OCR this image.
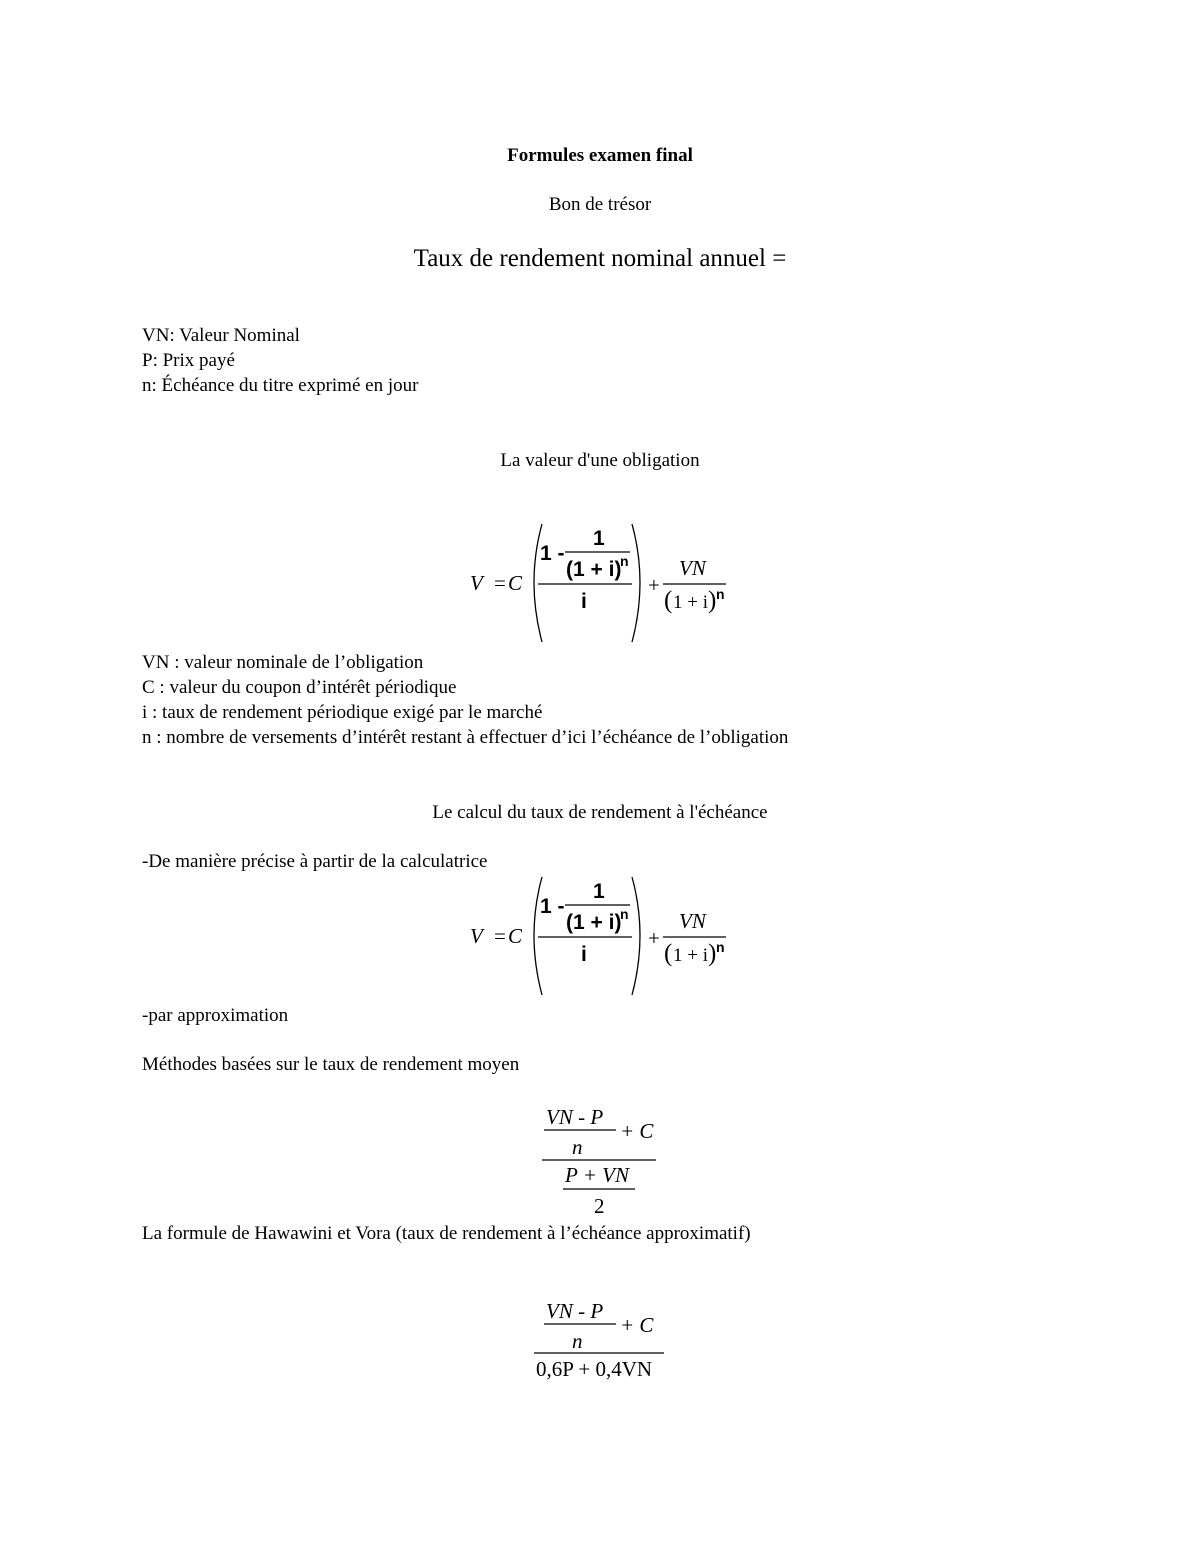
Formules examen final
Bon de trésor
Taux de rendement nominal annuel =
VN: Valeur Nominal
P: Prix payé
n: Échéance du titre exprimé en jour
La valeur d'une obligation
V = C
1 -
1
(1 + i)
n
i
+
VN
( 1 + i ) n
VN : valeur nominale de l’obligation
C : valeur du coupon d’intérêt périodique
i : taux de rendement périodique exigé par le marché
n : nombre de versements d’intérêt restant à effectuer d’ici l’échéance de l’obligation
Le calcul du taux de rendement à l'échéance
-De manière précise à partir de la calculatrice
V = C
1 -
1
(1 + i)
n
i
+
VN
( 1 + i ) n
-par approximation
Méthodes basées sur le taux de rendement moyen
VN - P
n
+ C
P + VN
2
La formule de Hawawini et Vora (taux de rendement à l’échéance approximatif)
VN - P
n
+ C
0,6P + 0,4VN
